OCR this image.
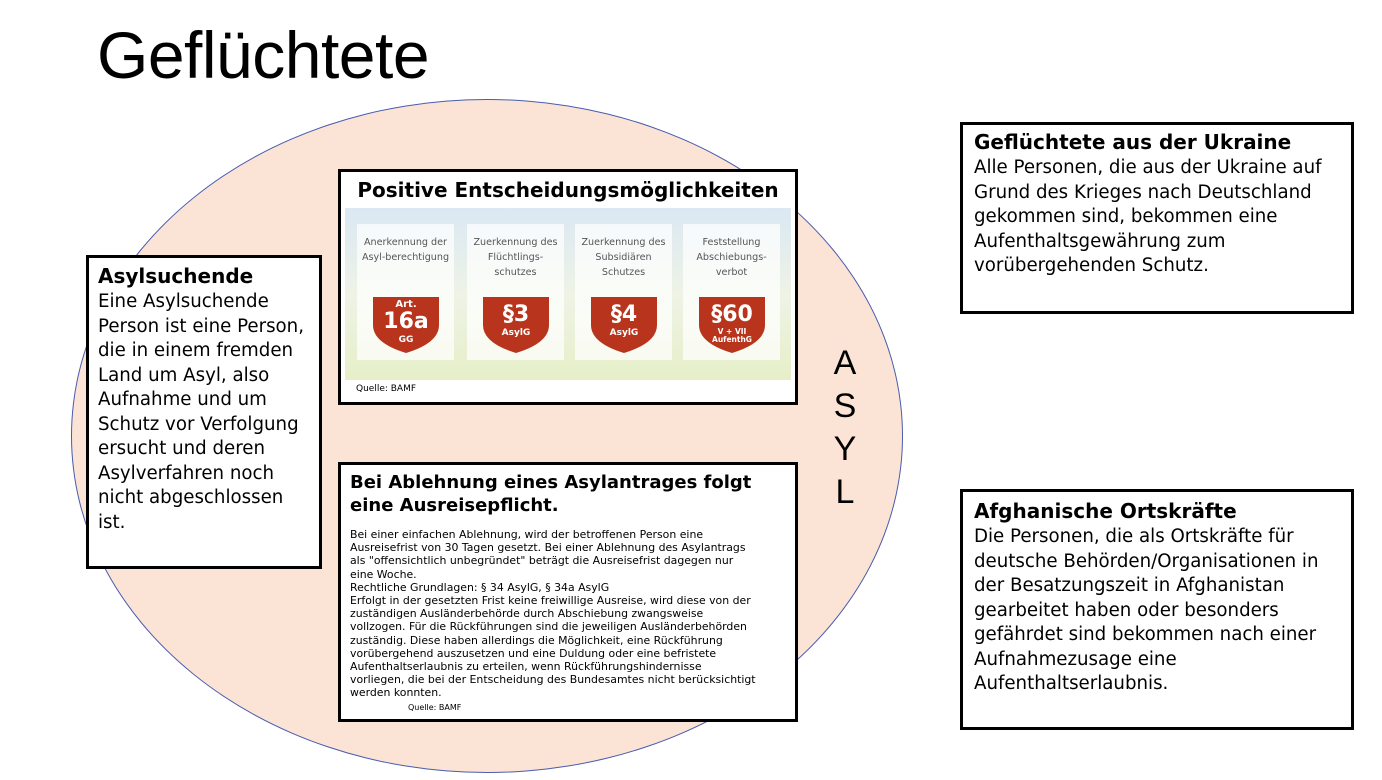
Geflüchtete
A
S
Y
L
Asylsuchende
Eine Asylsuchende Person ist eine Person, die in einem fremden Land um Asyl, also Aufnahme und um Schutz vor Verfolgung ersucht und deren Asylverfahren noch nicht abgeschlossen ist.
Positive Entscheidungsmöglichkeiten
Anerkennung der Asyl-berechtigung
Art.
16a
GG
Zuerkennung des Flüchtlings-schutzes
§3
AsylG
Zuerkennung des Subsidiären Schutzes
§4
AsylG
Feststellung Abschiebungs-verbot
§60
V + VII AufenthG
Quelle: BAMF
Bei Ablehnung eines Asylantrages folgt eine Ausreisepflicht.
Bei einer einfachen Ablehnung, wird der betroffenen Person eine
Ausreisefrist von 30 Tagen gesetzt. Bei einer Ablehnung des Asylantrags
als "offensichtlich unbegründet" beträgt die Ausreisefrist dagegen nur
eine Woche.
Rechtliche Grundlagen: § 34 AsylG, § 34a AsylG
Erfolgt in der gesetzten Frist keine freiwillige Ausreise, wird diese von der
zuständigen Ausländerbehörde durch Abschiebung zwangsweise
vollzogen. Für die Rückführungen sind die jeweiligen Ausländerbehörden
zuständig. Diese haben allerdings die Möglichkeit, eine Rückführung
vorübergehend auszusetzen und eine Duldung oder eine befristete
Aufenthaltserlaubnis zu erteilen, wenn Rückführungshindernisse
vorliegen, die bei der Entscheidung des Bundesamtes nicht berücksichtigt
werden konnten.
Quelle: BAMF
Geflüchtete aus der Ukraine
Alle Personen, die aus der Ukraine auf Grund des Krieges nach Deutschland gekommen sind, bekommen eine Aufenthaltsgewährung zum vorübergehenden Schutz.
Afghanische Ortskräfte
Die Personen, die als Ortskräfte für deutsche Behörden/Organisationen in der Besatzungszeit in Afghanistan gearbeitet haben oder besonders gefährdet sind bekommen nach einer Aufnahmezusage eine Aufenthaltserlaubnis.
